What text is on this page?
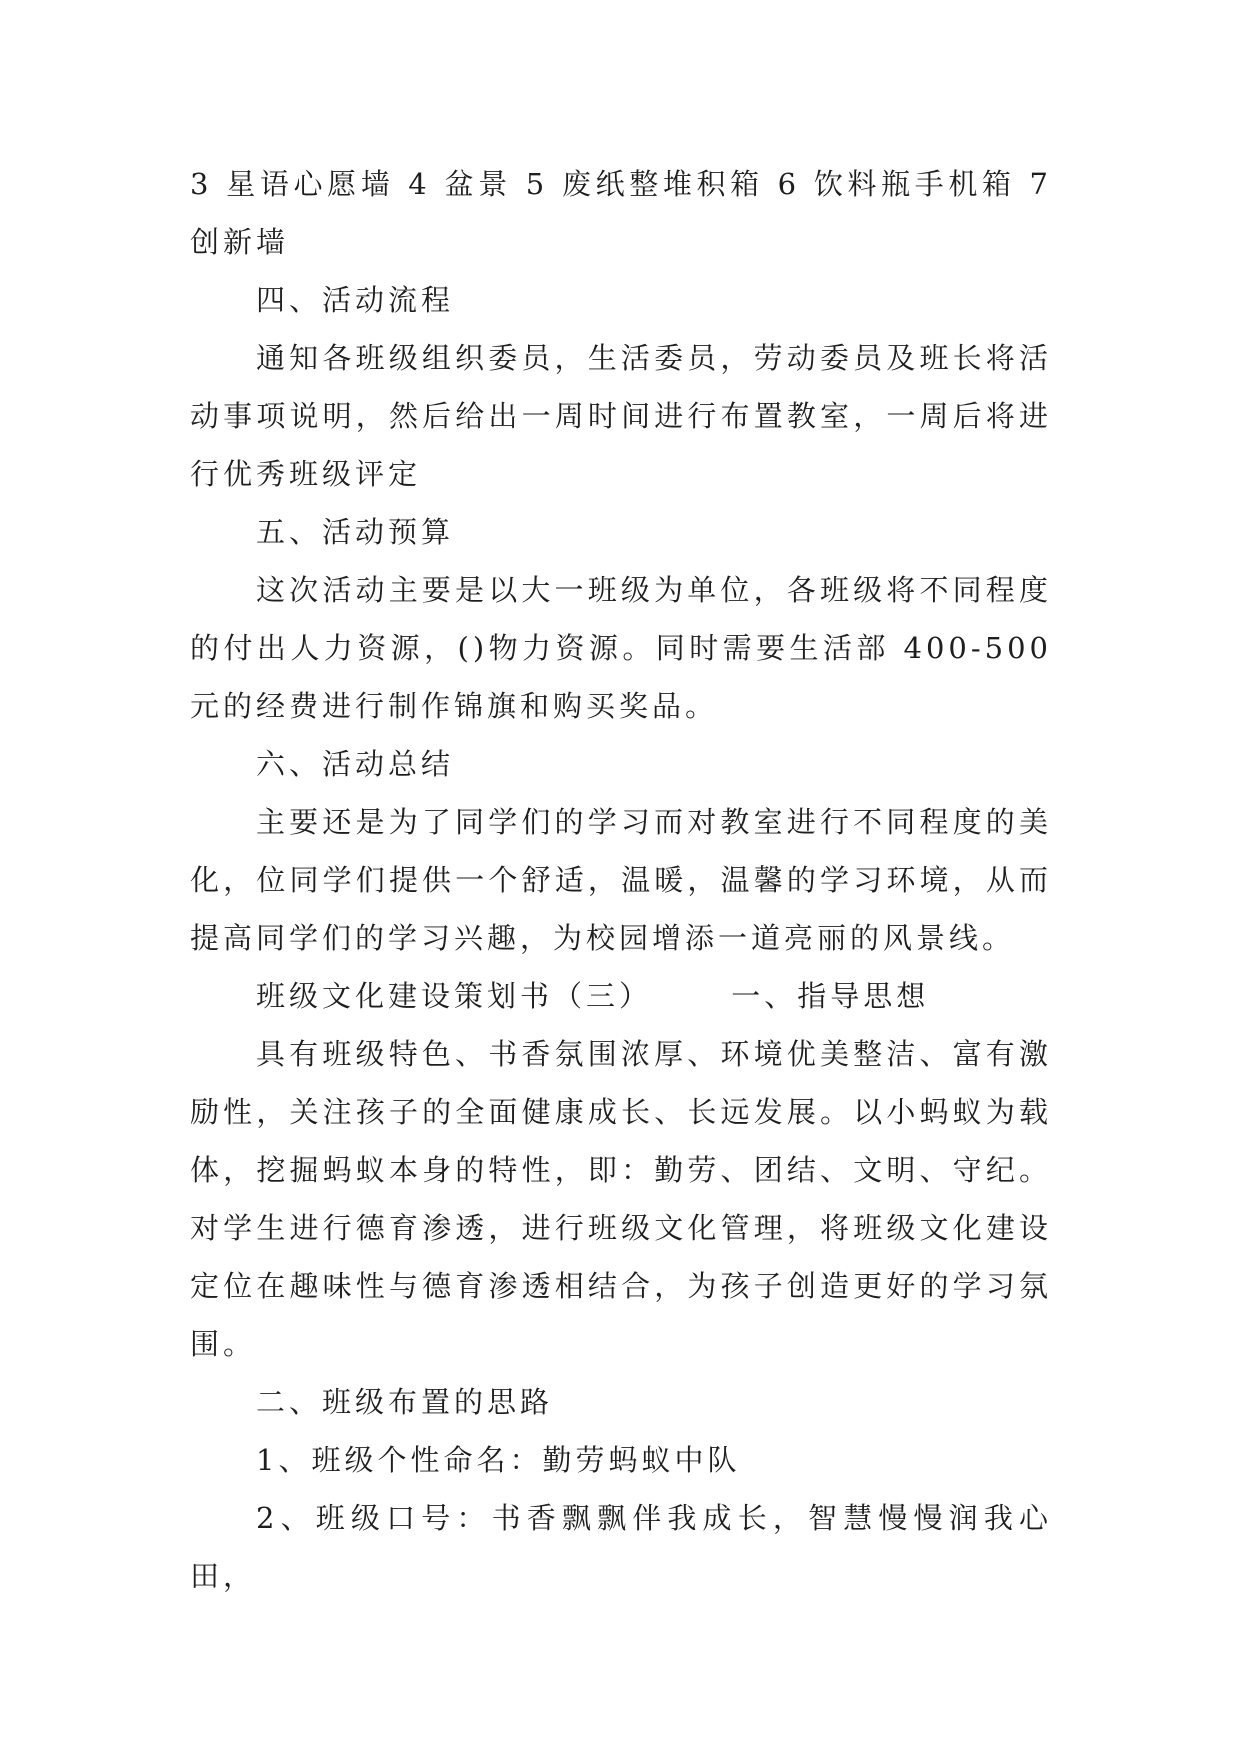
3 星语心愿墙 4 盆景 5 废纸整堆积箱 6 饮料瓶手机箱 7 创新墙

四、活动流程

通知各班级组织委员，生活委员，劳动委员及班长将活动事项说明，然后给出一周时间进行布置教室，一周后将进行优秀班级评定

五、活动预算

这次活动主要是以大一班级为单位，各班级将不同程度的付出人力资源，()物力资源。同时需要生活部 400-500 元的经费进行制作锦旗和购买奖品。

六、活动总结

主要还是为了同学们的学习而对教室进行不同程度的美化，位同学们提供一个舒适，温暖，温馨的学习环境，从而提高同学们的学习兴趣，为校园增添一道亮丽的风景线。

班级文化建设策划书（三）      一、指导思想

具有班级特色、书香氛围浓厚、环境优美整洁、富有激励性，关注孩子的全面健康成长、长远发展。以小蚂蚁为载体，挖掘蚂蚁本身的特性，即：勤劳、团结、文明、守纪。对学生进行德育渗透，进行班级文化管理，将班级文化建设定位在趣味性与德育渗透相结合，为孩子创造更好的学习氛围。

二、班级布置的思路

1、班级个性命名：勤劳蚂蚁中队

2、班级口号：书香飘飘伴我成长，智慧慢慢润我心田，
